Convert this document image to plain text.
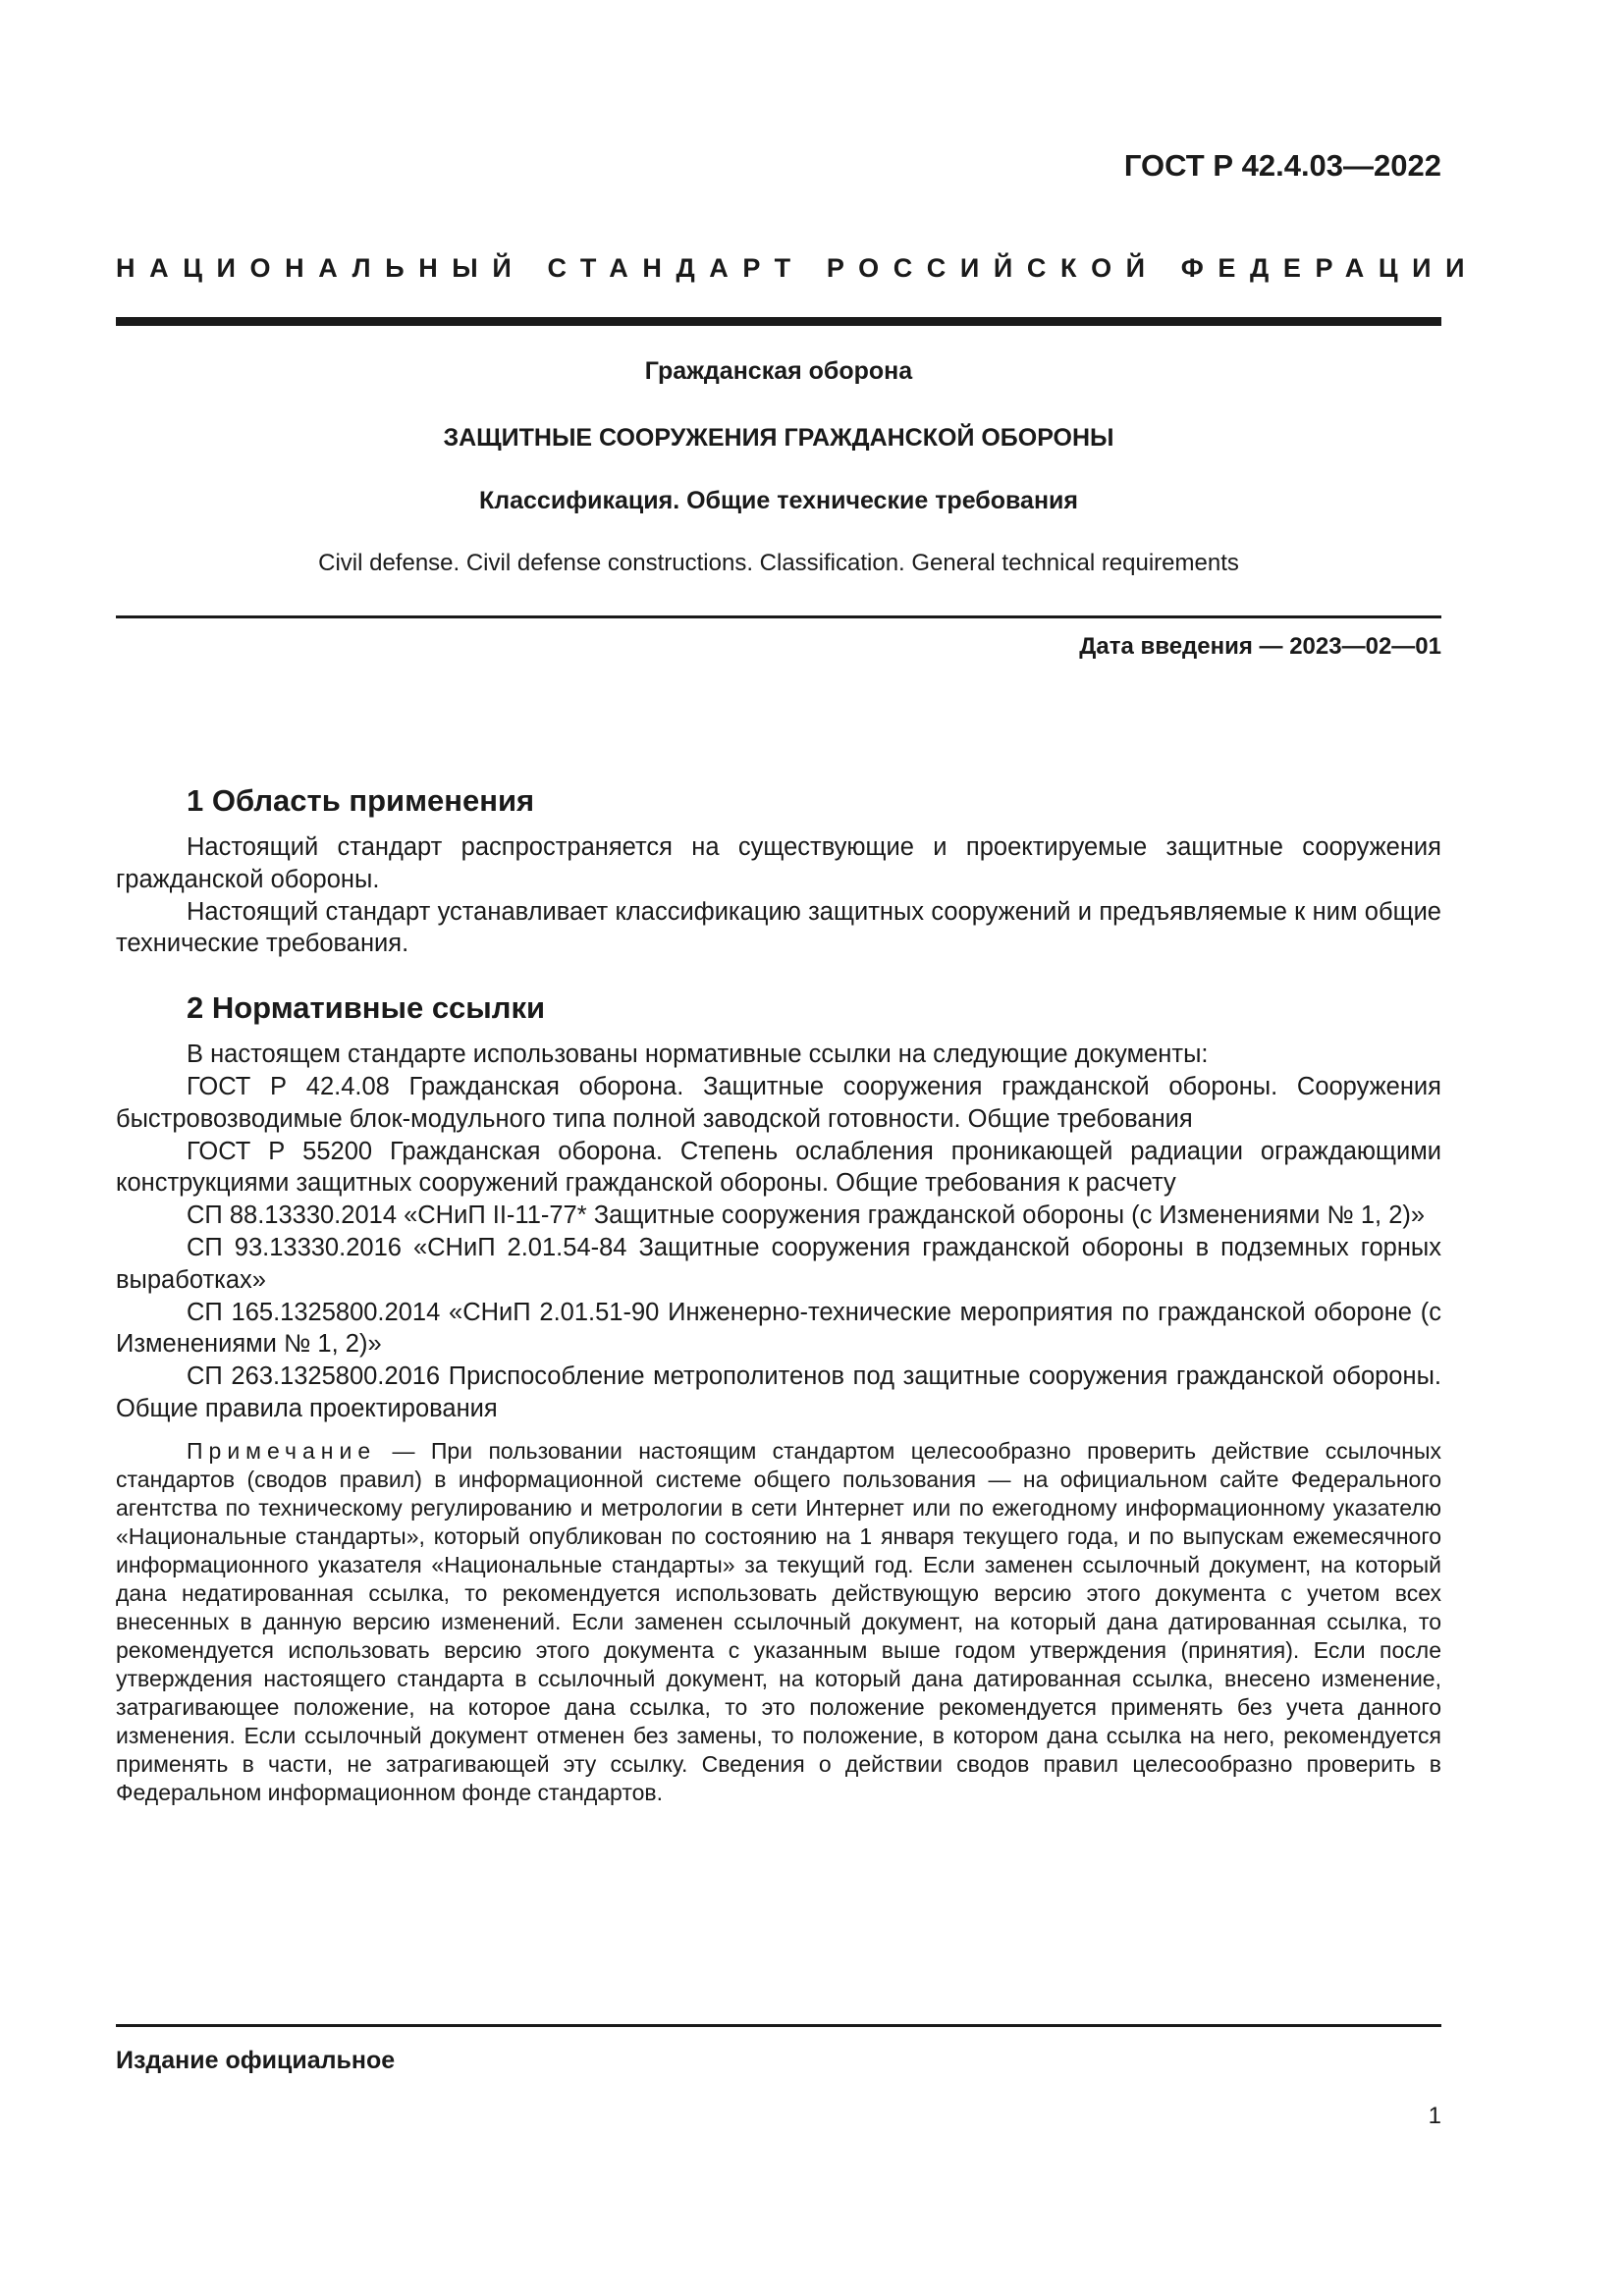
ГОСТ Р 42.4.03—2022

НАЦИОНАЛЬНЫЙ СТАНДАРТ РОССИЙСКОЙ ФЕДЕРАЦИИ

Гражданская оборона

ЗАЩИТНЫЕ СООРУЖЕНИЯ ГРАЖДАНСКОЙ ОБОРОНЫ

Классификация. Общие технические требования

Civil defense. Civil defense constructions. Classification. General technical requirements

Дата введения — 2023—02—01

1 Область применения

Настоящий стандарт распространяется на существующие и проектируемые защитные сооружения гражданской обороны.

Настоящий стандарт устанавливает классификацию защитных сооружений и предъявляемые к ним общие технические требования.

2 Нормативные ссылки

В настоящем стандарте использованы нормативные ссылки на следующие документы:

ГОСТ Р 42.4.08 Гражданская оборона. Защитные сооружения гражданской обороны. Сооружения быстровозводимые блок-модульного типа полной заводской готовности. Общие требования

ГОСТ Р 55200 Гражданская оборона. Степень ослабления проникающей радиации ограждающими конструкциями защитных сооружений гражданской обороны. Общие требования к расчету

СП 88.13330.2014 «СНиП II-11-77* Защитные сооружения гражданской обороны (с Изменениями № 1, 2)»

СП 93.13330.2016 «СНиП 2.01.54-84 Защитные сооружения гражданской обороны в подземных горных выработках»

СП 165.1325800.2014 «СНиП 2.01.51-90 Инженерно-технические мероприятия по гражданской обороне (с Изменениями № 1, 2)»

СП 263.1325800.2016 Приспособление метрополитенов под защитные сооружения гражданской обороны. Общие правила проектирования

Примечание — При пользовании настоящим стандартом целесообразно проверить действие ссылочных стандартов (сводов правил) в информационной системе общего пользования — на официальном сайте Федерального агентства по техническому регулированию и метрологии в сети Интернет или по ежегодному информационному указателю «Национальные стандарты», который опубликован по состоянию на 1 января текущего года, и по выпускам ежемесячного информационного указателя «Национальные стандарты» за текущий год. Если заменен ссылочный документ, на который дана недатированная ссылка, то рекомендуется использовать действующую версию этого документа с учетом всех внесенных в данную версию изменений. Если заменен ссылочный документ, на который дана датированная ссылка, то рекомендуется использовать версию этого документа с указанным выше годом утверждения (принятия). Если после утверждения настоящего стандарта в ссылочный документ, на который дана датированная ссылка, внесено изменение, затрагивающее положение, на которое дана ссылка, то это положение рекомендуется применять без учета данного изменения. Если ссылочный документ отменен без замены, то положение, в котором дана ссылка на него, рекомендуется применять в части, не затрагивающей эту ссылку. Сведения о действии сводов правил целесообразно проверить в Федеральном информационном фонде стандартов.

Издание официальное

1
